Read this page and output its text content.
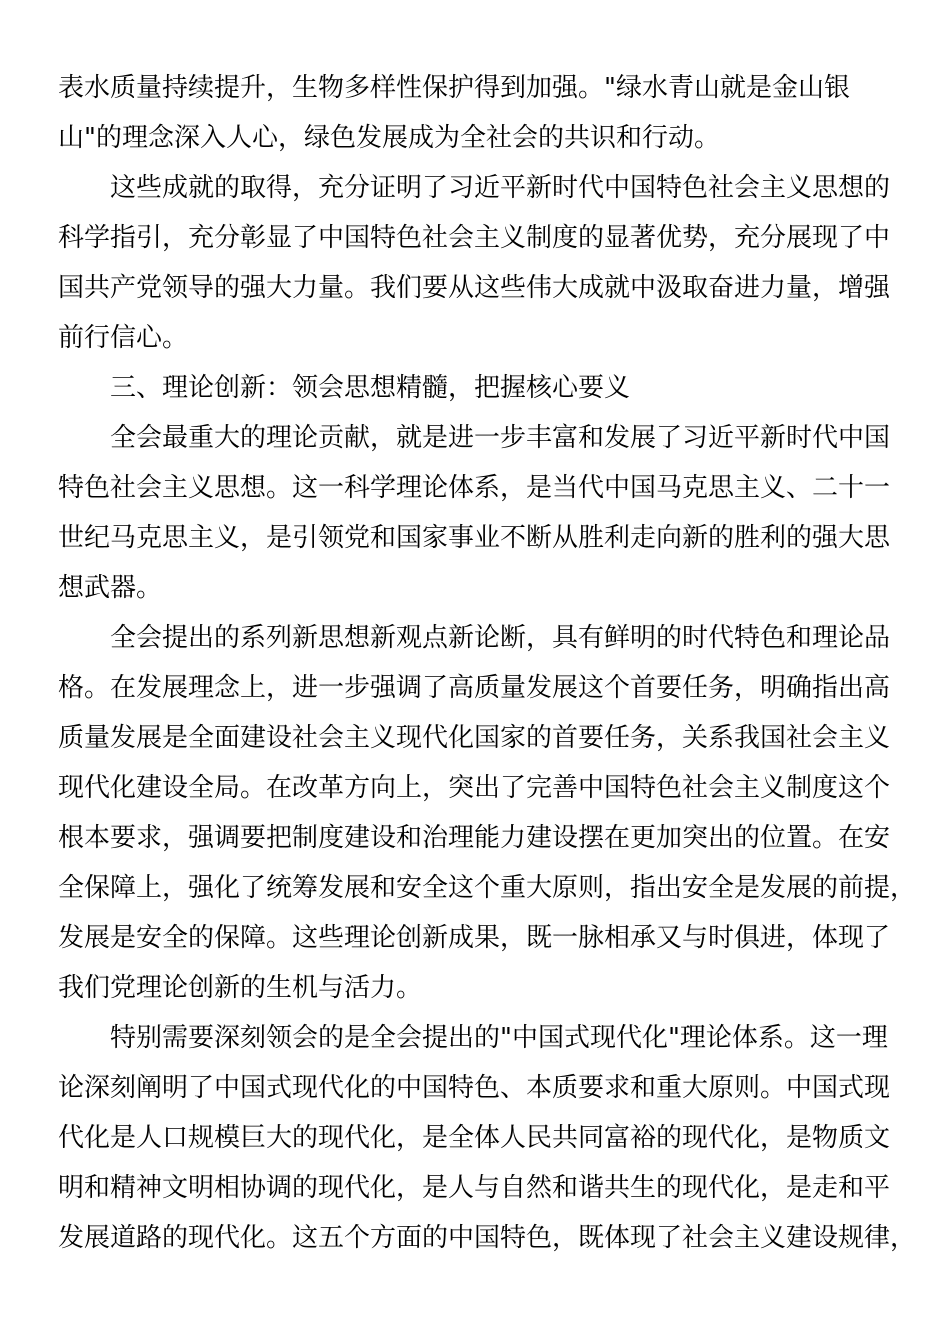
表水质量持续提升，生物多样性保护得到加强。"绿水青山就是金山银
山"的理念深入人心，绿色发展成为全社会的共识和行动。
这些成就的取得，充分证明了习近平新时代中国特色社会主义思想的
科学指引，充分彰显了中国特色社会主义制度的显著优势，充分展现了中
国共产党领导的强大力量。我们要从这些伟大成就中汲取奋进力量，增强
前行信心。
三、理论创新：领会思想精髓，把握核心要义
全会最重大的理论贡献，就是进一步丰富和发展了习近平新时代中国
特色社会主义思想。这一科学理论体系，是当代中国马克思主义、二十一
世纪马克思主义，是引领党和国家事业不断从胜利走向新的胜利的强大思
想武器。
全会提出的系列新思想新观点新论断，具有鲜明的时代特色和理论品
格。在发展理念上，进一步强调了高质量发展这个首要任务，明确指出高
质量发展是全面建设社会主义现代化国家的首要任务，关系我国社会主义
现代化建设全局。在改革方向上，突出了完善中国特色社会主义制度这个
根本要求，强调要把制度建设和治理能力建设摆在更加突出的位置。在安
全保障上，强化了统筹发展和安全这个重大原则，指出安全是发展的前提，
发展是安全的保障。这些理论创新成果，既一脉相承又与时俱进，体现了
我们党理论创新的生机与活力。
特别需要深刻领会的是全会提出的"中国式现代化"理论体系。这一理
论深刻阐明了中国式现代化的中国特色、本质要求和重大原则。中国式现
代化是人口规模巨大的现代化，是全体人民共同富裕的现代化，是物质文
明和精神文明相协调的现代化，是人与自然和谐共生的现代化，是走和平
发展道路的现代化。这五个方面的中国特色，既体现了社会主义建设规律，
